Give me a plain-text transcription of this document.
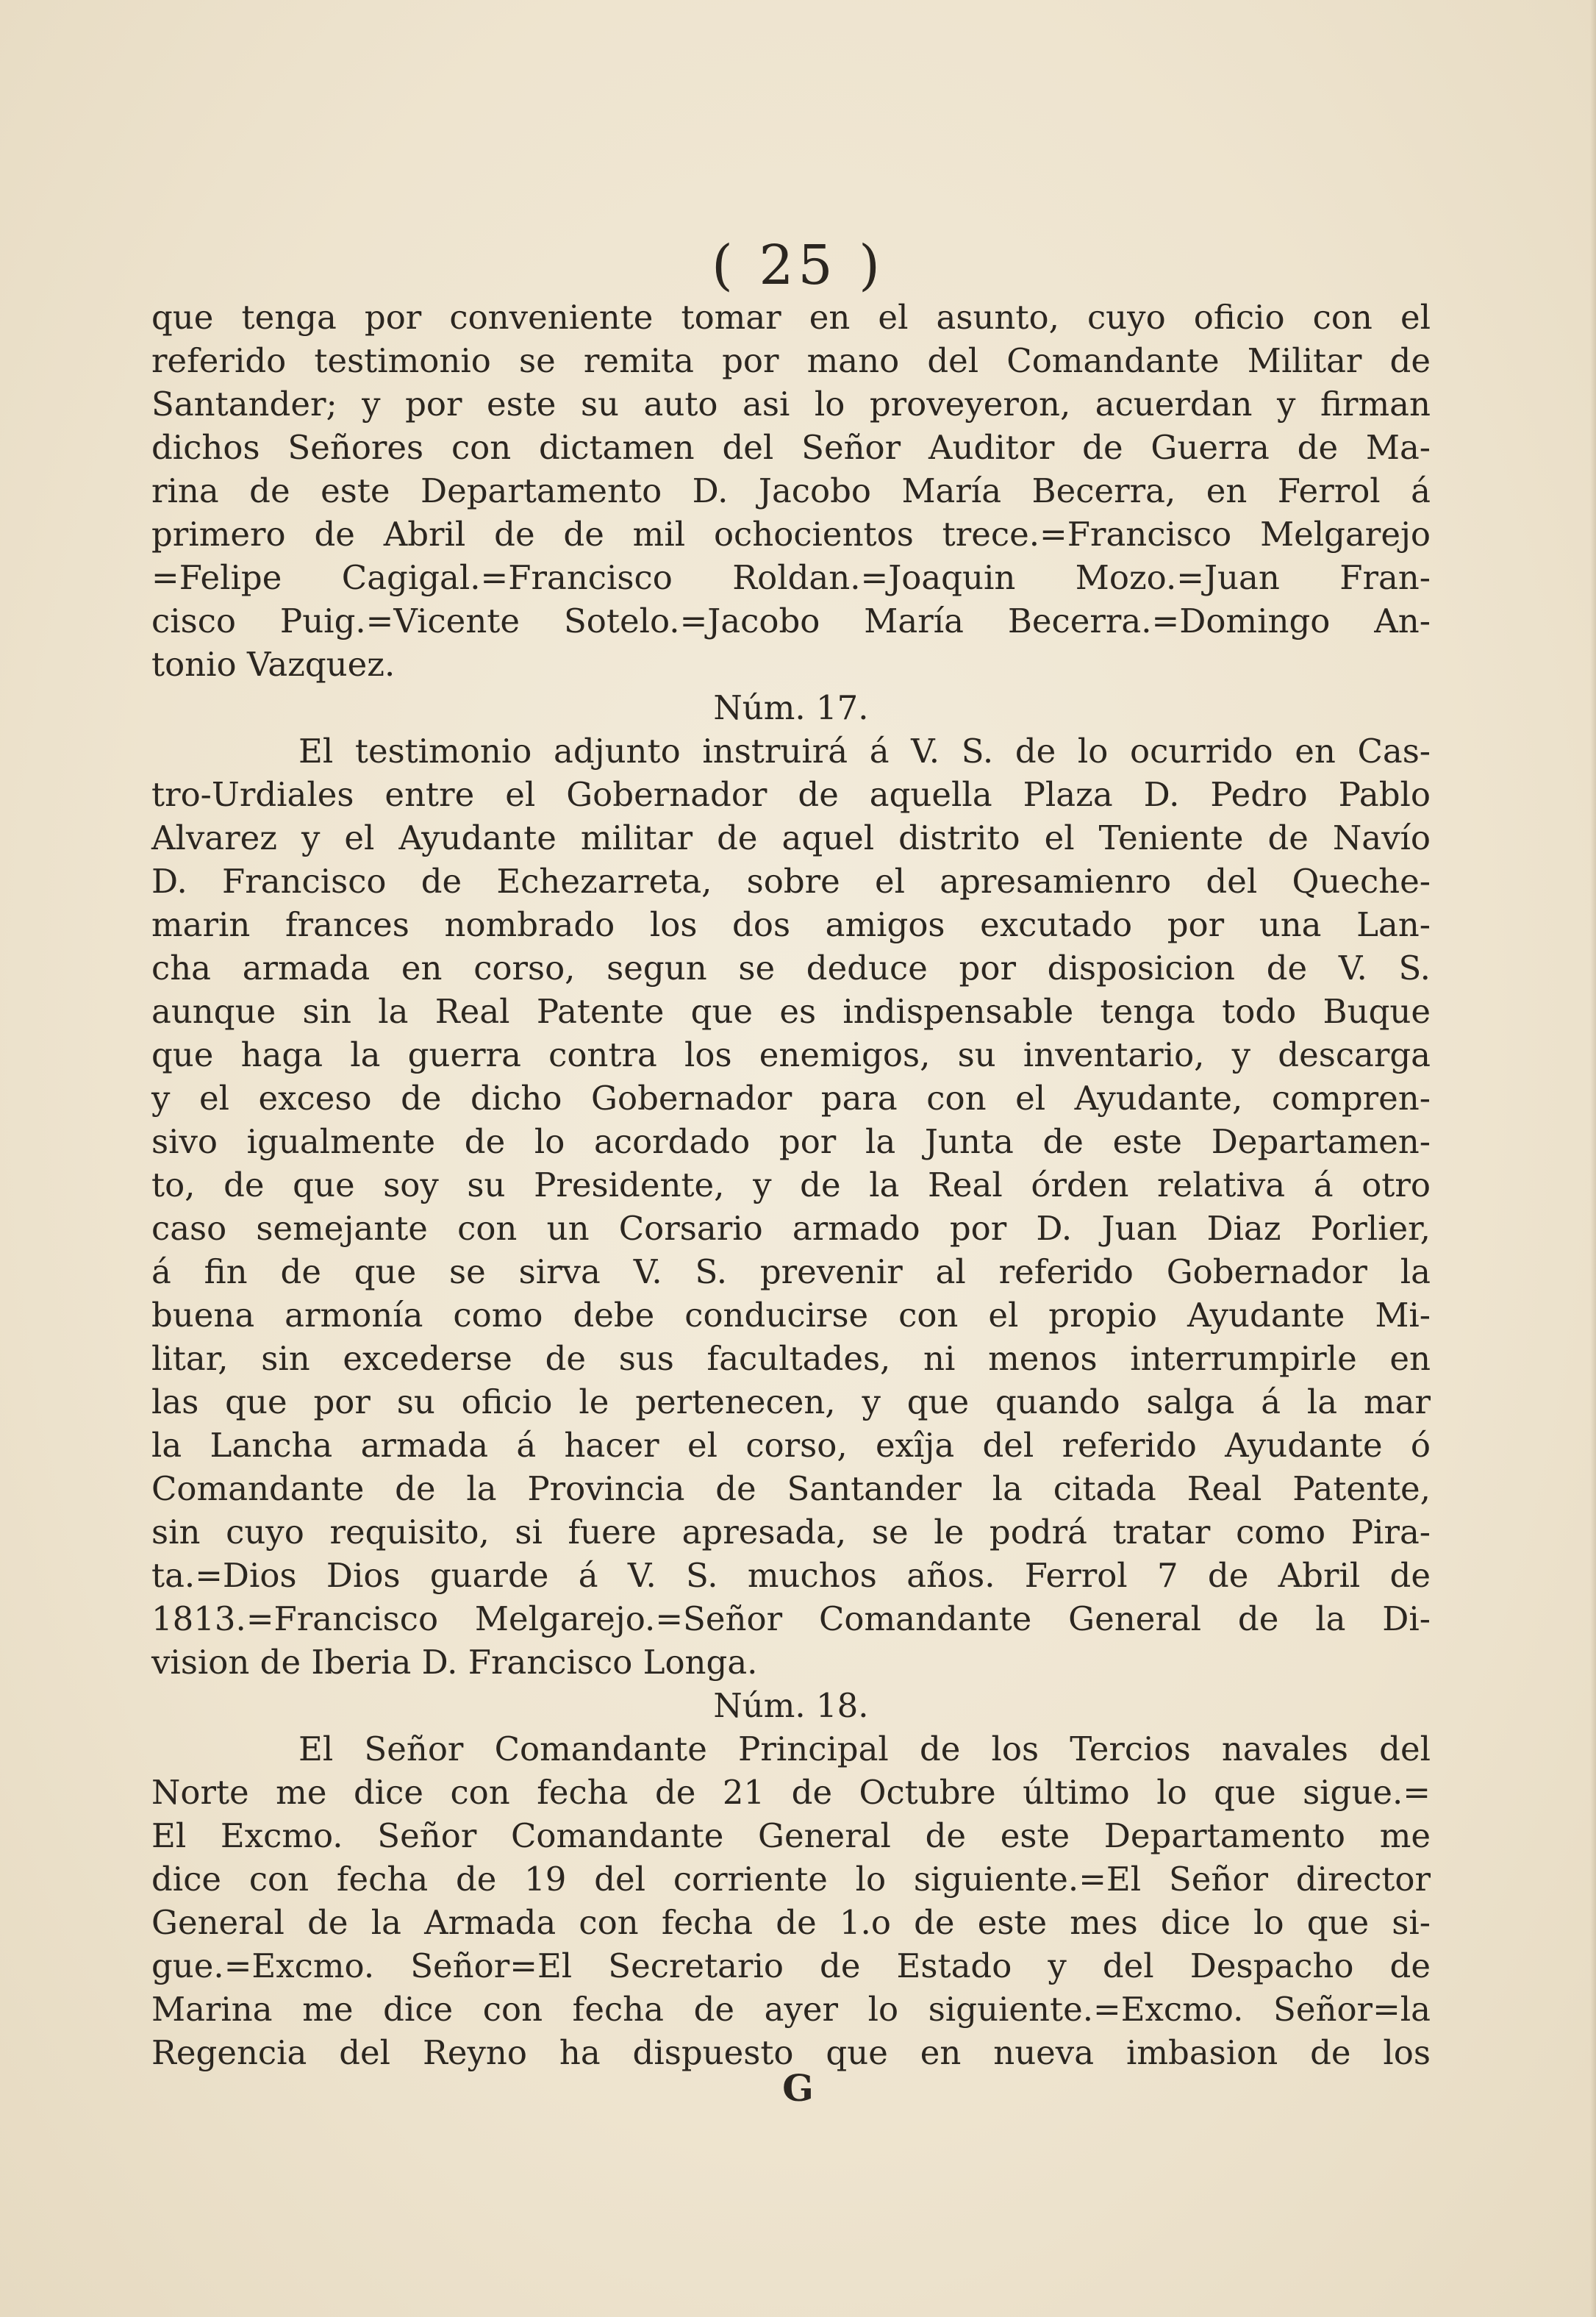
( 25 )
que tenga por conveniente tomar en el asunto, cuyo oficio con el
referido testimonio se remita por mano del Comandante Militar de
Santander; y por este su auto asi lo proveyeron, acuerdan y firman
dichos Señores con dictamen del Señor Auditor de Guerra de Ma-
rina de este Departamento D. Jacobo María Becerra, en Ferrol á
primero de Abril de de mil ochocientos trece.=Francisco Melgarejo
=Felipe Cagigal.=Francisco Roldan.=Joaquin Mozo.=Juan Fran-
cisco Puig.=Vicente Sotelo.=Jacobo María Becerra.=Domingo An-
tonio Vazquez.
Núm. 17.
El testimonio adjunto instruirá á V. S. de lo ocurrido en Cas-
tro-Urdiales entre el Gobernador de aquella Plaza D. Pedro Pablo
Alvarez y el Ayudante militar de aquel distrito el Teniente de Navío
D. Francisco de Echezarreta, sobre el apresamienro del Queche-
marin frances nombrado los dos amigos excutado por una Lan-
cha armada en corso, segun se deduce por disposicion de V. S.
aunque sin la Real Patente que es indispensable tenga todo Buque
que haga la guerra contra los enemigos, su inventario, y descarga
y el exceso de dicho Gobernador para con el Ayudante, compren-
sivo igualmente de lo acordado por la Junta de este Departamen-
to, de que soy su Presidente, y de la Real órden relativa á otro
caso semejante con un Corsario armado por D. Juan Diaz Porlier,
á fin de que se sirva V. S. prevenir al referido Gobernador la
buena armonía como debe conducirse con el propio Ayudante Mi-
litar, sin excederse de sus facultades, ni menos interrumpirle en
las que por su oficio le pertenecen, y que quando salga á la mar
la Lancha armada á hacer el corso, exîja del referido Ayudante ó
Comandante de la Provincia de Santander la citada Real Patente,
sin cuyo requisito, si fuere apresada, se le podrá tratar como Pira-
ta.=Dios Dios guarde á V. S. muchos años. Ferrol 7 de Abril de
1813.=Francisco Melgarejo.=Señor Comandante General de la Di-
vision de Iberia D. Francisco Longa.
Núm. 18.
El Señor Comandante Principal de los Tercios navales del
Norte me dice con fecha de 21 de Octubre último lo que sigue.=
El Excmo. Señor Comandante General de este Departamento me
dice con fecha de 19 del corriente lo siguiente.=El Señor director
General de la Armada con fecha de 1.o de este mes dice lo que si-
gue.=Excmo. Señor=El Secretario de Estado y del Despacho de
Marina me dice con fecha de ayer lo siguiente.=Excmo. Señor=la
Regencia del Reyno ha dispuesto que en nueva imbasion de los
G
